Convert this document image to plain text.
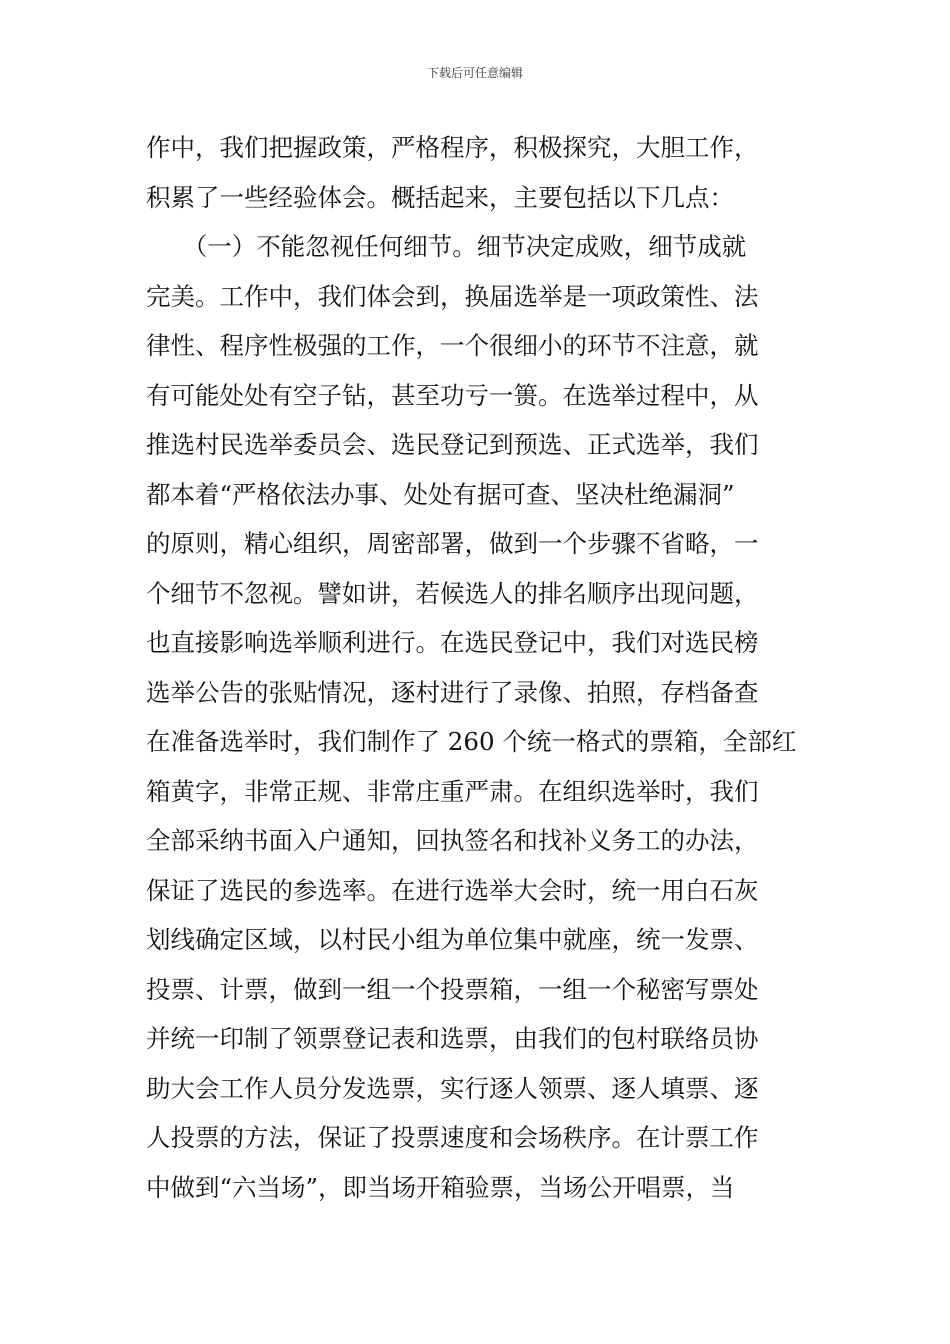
下载后可任意编辑
作中，我们把握政策，严格程序，积极探究，大胆工作，
积累了一些经验体会。概括起来，主要包括以下几点：
　　（一）不能忽视任何细节。细节决定成败，细节成就
完美。工作中，我们体会到，换届选举是一项政策性、法
律性、程序性极强的工作，一个很细小的环节不注意，就
有可能处处有空子钻，甚至功亏一篑。在选举过程中，从
推选村民选举委员会、选民登记到预选、正式选举，我们
都本着“严格依法办事、处处有据可查、坚决杜绝漏洞”
的原则，精心组织，周密部署，做到一个步骤不省略，一
个细节不忽视。譬如讲，若候选人的排名顺序出现问题，
也直接影响选举顺利进行。在选民登记中，我们对选民榜
选举公告的张贴情况，逐村进行了录像、拍照，存档备查
在准备选举时，我们制作了 260 个统一格式的票箱，全部红
箱黄字，非常正规、非常庄重严肃。在组织选举时，我们
全部采纳书面入户通知，回执签名和找补义务工的办法，
保证了选民的参选率。在进行选举大会时，统一用白石灰
划线确定区域，以村民小组为单位集中就座，统一发票、
投票、计票，做到一组一个投票箱，一组一个秘密写票处
并统一印制了领票登记表和选票，由我们的包村联络员协
助大会工作人员分发选票，实行逐人领票、逐人填票、逐
人投票的方法，保证了投票速度和会场秩序。在计票工作
中做到“六当场”，即当场开箱验票，当场公开唱票，当
